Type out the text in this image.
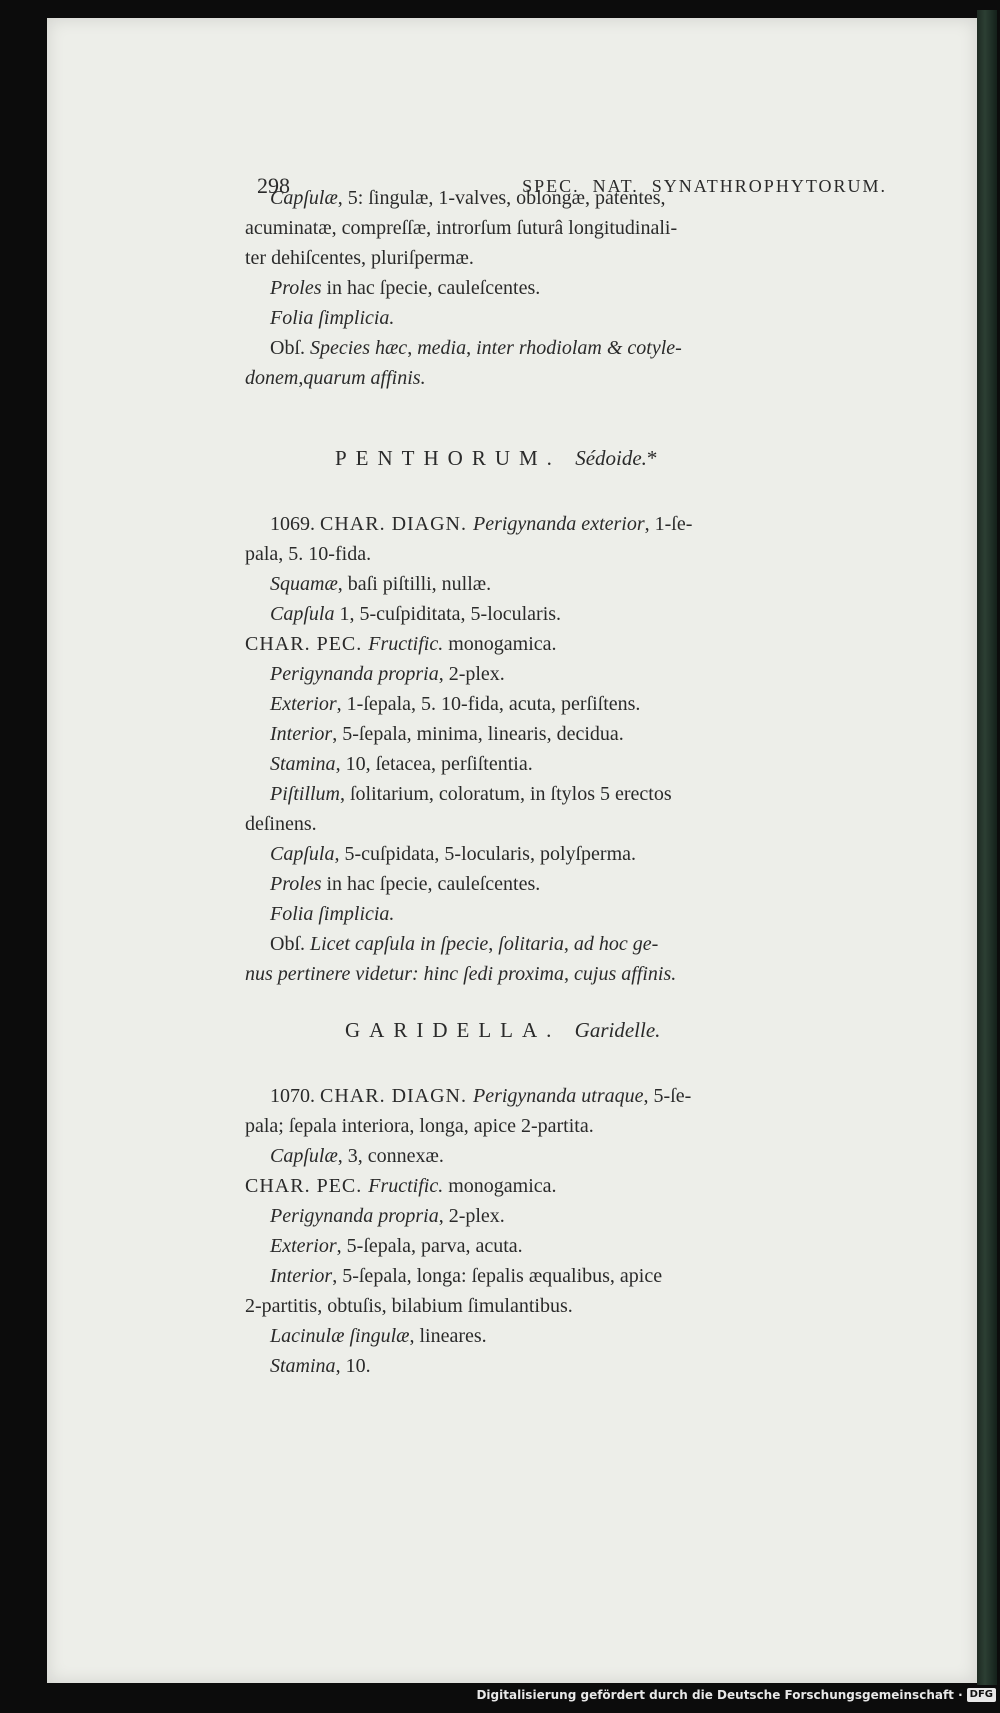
298	SPEC.  NAT.  SYNATHROPHYTORUM.
Capſulæ, 5: ſingulæ, 1-valves, oblongæ, patentes,
acuminatæ, compreſſæ, introrſum ſuturâ longitudinali-
ter dehiſcentes, pluriſpermæ.
Proles in hac ſpecie, cauleſcentes.
Folia ſimplicia.
Obſ. Species hæc, media, inter rhodiolam & cotyle-
donem,quarum affinis.
PENTHORUM. Sédoide.*
1069. CHAR. DIAGN. Perigynanda exterior, 1-ſe-
pala, 5. 10-fida.
Squamæ, baſi piſtilli, nullæ.
Capſula 1, 5-cuſpiditata, 5-locularis.
CHAR. PEC. Fructific. monogamica.
Perigynanda propria, 2-plex.
Exterior, 1-ſepala, 5. 10-fida, acuta, perſiſtens.
Interior, 5-ſepala, minima, linearis, decidua.
Stamina, 10, ſetacea, perſiſtentia.
Piſtillum, ſolitarium, coloratum, in ſtylos 5 erectos
deſinens.
Capſula, 5-cuſpidata, 5-locularis, polyſperma.
Proles in hac ſpecie, cauleſcentes.
Folia ſimplicia.
Obſ. Licet capſula in ſpecie, ſolitaria, ad hoc ge-
nus pertinere videtur: hinc ſedi proxima, cujus affinis.
GARIDELLA. Garidelle.
1070. CHAR. DIAGN. Perigynanda utraque, 5-ſe-
pala; ſepala interiora, longa, apice 2-partita.
Capſulæ, 3, connexæ.
CHAR. PEC. Fructific. monogamica.
Perigynanda propria, 2-plex.
Exterior, 5-ſepala, parva, acuta.
Interior, 5-ſepala, longa: ſepalis æqualibus, apice
2-partitis, obtuſis, bilabium ſimulantibus.
Lacinulæ ſingulæ, lineares.
Stamina, 10.
Digitalisierung gefördert durch die Deutsche Forschungsgemeinschaft · DFG
